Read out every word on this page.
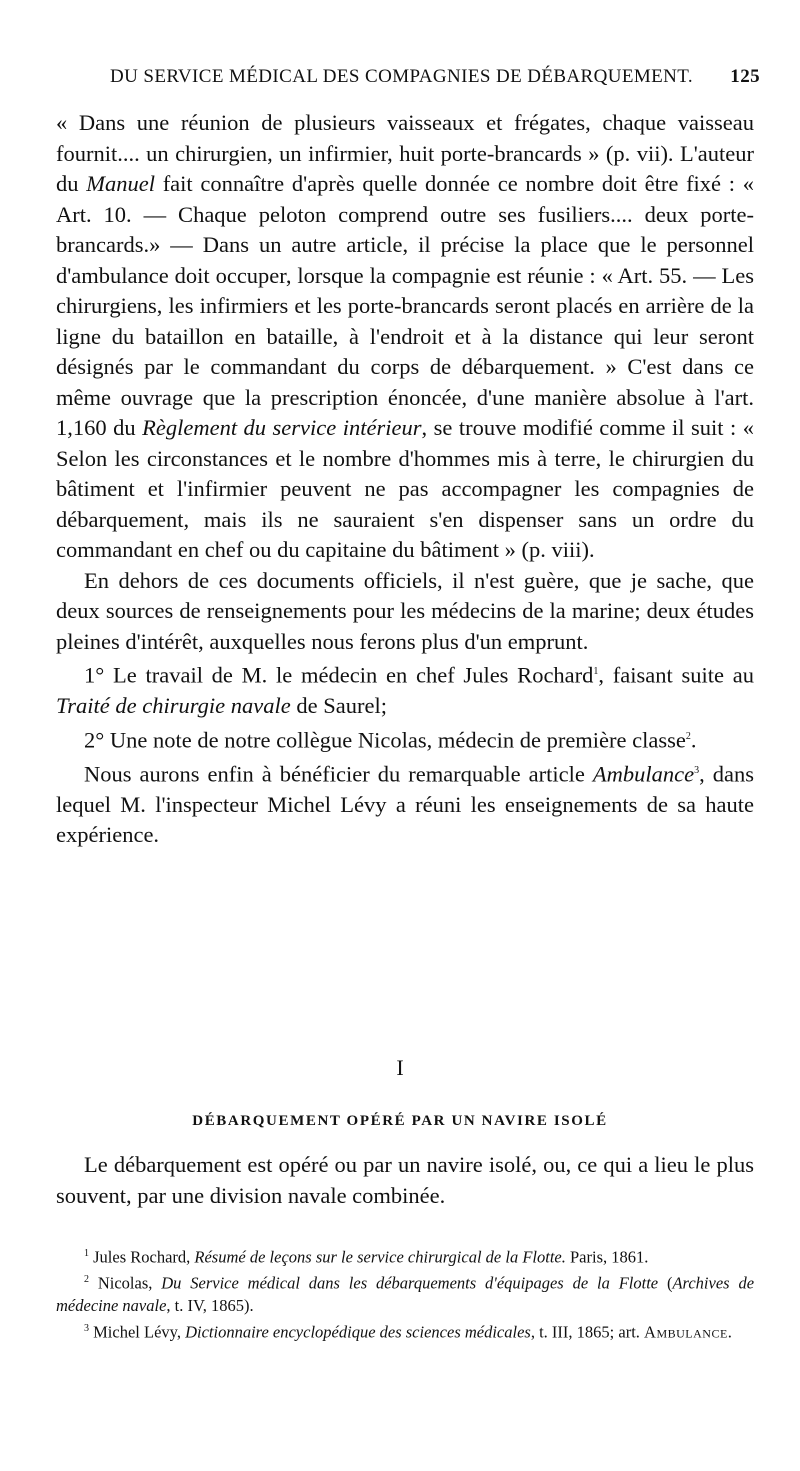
DU SERVICE MÉDICAL DES COMPAGNIES DE DÉBARQUEMENT. 125

« Dans une réunion de plusieurs vaisseaux et frégates, chaque vaisseau fournit.... un chirurgien, un infirmier, huit porte-brancards » (p. vii). L'auteur du Manuel fait connaître d'après quelle donnée ce nombre doit être fixé : « Art. 10. — Chaque peloton comprend outre ses fusiliers.... deux porte-brancards.» — Dans un autre article, il précise la place que le personnel d'ambulance doit occuper, lorsque la compagnie est réunie : « Art. 55. — Les chirurgiens, les infirmiers et les porte-brancards seront placés en arrière de la ligne du bataillon en bataille, à l'endroit et à la distance qui leur seront désignés par le commandant du corps de débarquement. » C'est dans ce même ouvrage que la prescription énoncée, d'une manière absolue à l'art. 1,160 du Règlement du service intérieur, se trouve modifié comme il suit : « Selon les circonstances et le nombre d'hommes mis à terre, le chirurgien du bâtiment et l'infirmier peuvent ne pas accompagner les compagnies de débarquement, mais ils ne sauraient s'en dispenser sans un ordre du commandant en chef ou du capitaine du bâtiment » (p. viii).

En dehors de ces documents officiels, il n'est guère, que je sache, que deux sources de renseignements pour les médecins de la marine; deux études pleines d'intérêt, auxquelles nous ferons plus d'un emprunt.

1° Le travail de M. le médecin en chef Jules Rochard$^1$, faisant suite au Traité de chirurgie navale de Saurel;

2° Une note de notre collègue Nicolas, médecin de première classe$^2$.

Nous aurons enfin à bénéficier du remarquable article Ambulance$^3$, dans lequel M. l'inspecteur Michel Lévy a réuni les enseignements de sa haute expérience.

I
DÉBARQUEMENT OPÉRÉ PAR UN NAVIRE ISOLÉ

Le débarquement est opéré ou par un navire isolé, ou, ce qui a lieu le plus souvent, par une division navale combinée.

$^1$ Jules Rochard, Résumé de leçons sur le service chirurgical de la Flotte. Paris, 1861.

$^2$ Nicolas, Du Service médical dans les débarquements d'équipages de la Flotte (Archives de médecine navale, t. IV, 1865).

$^3$ Michel Lévy, Dictionnaire encyclopédique des sciences médicales, t. III, 1865; art. Ambulance.
